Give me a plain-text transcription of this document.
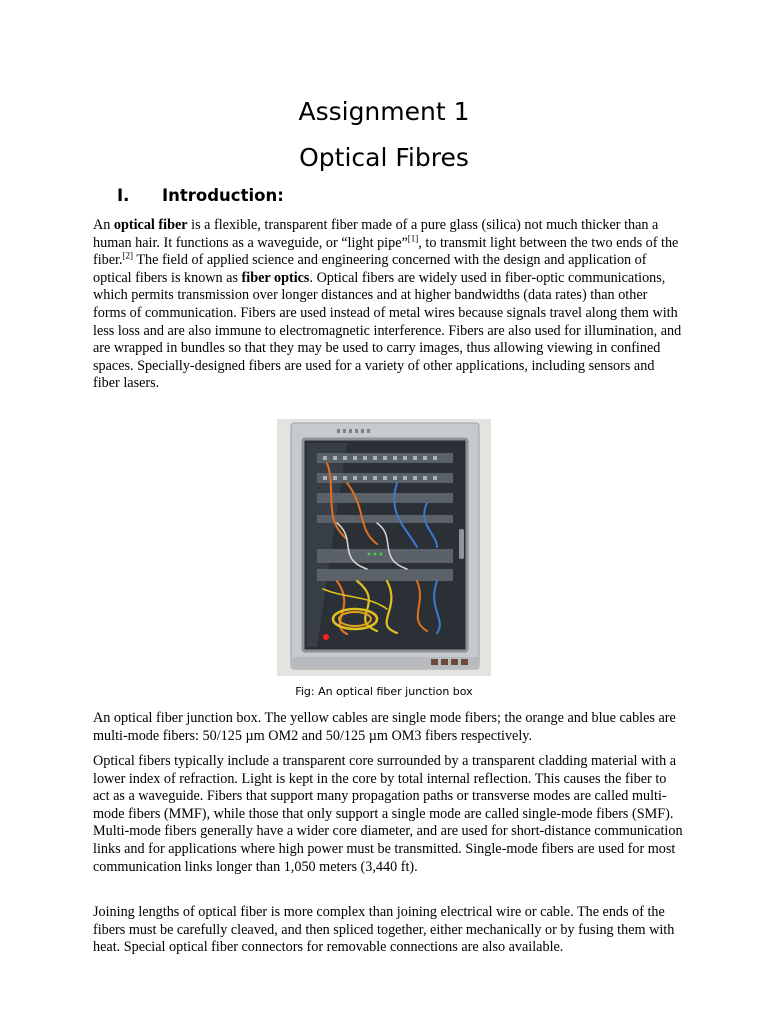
Assignment 1
Optical Fibres
I. Introduction:

An optical fiber is a flexible, transparent fiber made of a pure glass (silica) not much thicker than a human hair. It functions as a waveguide, or “light pipe”[1], to transmit light between the two ends of the fiber.[2] The field of applied science and engineering concerned with the design and application of optical fibers is known as fiber optics. Optical fibers are widely used in fiber-optic communications, which permits transmission over longer distances and at higher bandwidths (data rates) than other forms of communication. Fibers are used instead of metal wires because signals travel along them with less loss and are also immune to electromagnetic interference. Fibers are also used for illumination, and are wrapped in bundles so that they may be used to carry images, thus allowing viewing in confined spaces. Specially-designed fibers are used for a variety of other applications, including sensors and fiber lasers.

Fig: An optical fiber junction box

An optical fiber junction box. The yellow cables are single mode fibers; the orange and blue cables are multi-mode fibers: 50/125 µm OM2 and 50/125 µm OM3 fibers respectively.

Optical fibers typically include a transparent core surrounded by a transparent cladding material with a lower index of refraction. Light is kept in the core by total internal reflection. This causes the fiber to act as a waveguide. Fibers that support many propagation paths or transverse modes are called multi-mode fibers (MMF), while those that only support a single mode are called single-mode fibers (SMF). Multi-mode fibers generally have a wider core diameter, and are used for short-distance communication links and for applications where high power must be transmitted. Single-mode fibers are used for most communication links longer than 1,050 meters (3,440 ft).

Joining lengths of optical fiber is more complex than joining electrical wire or cable. The ends of the fibers must be carefully cleaved, and then spliced together, either mechanically or by fusing them with heat. Special optical fiber connectors for removable connections are also available.
